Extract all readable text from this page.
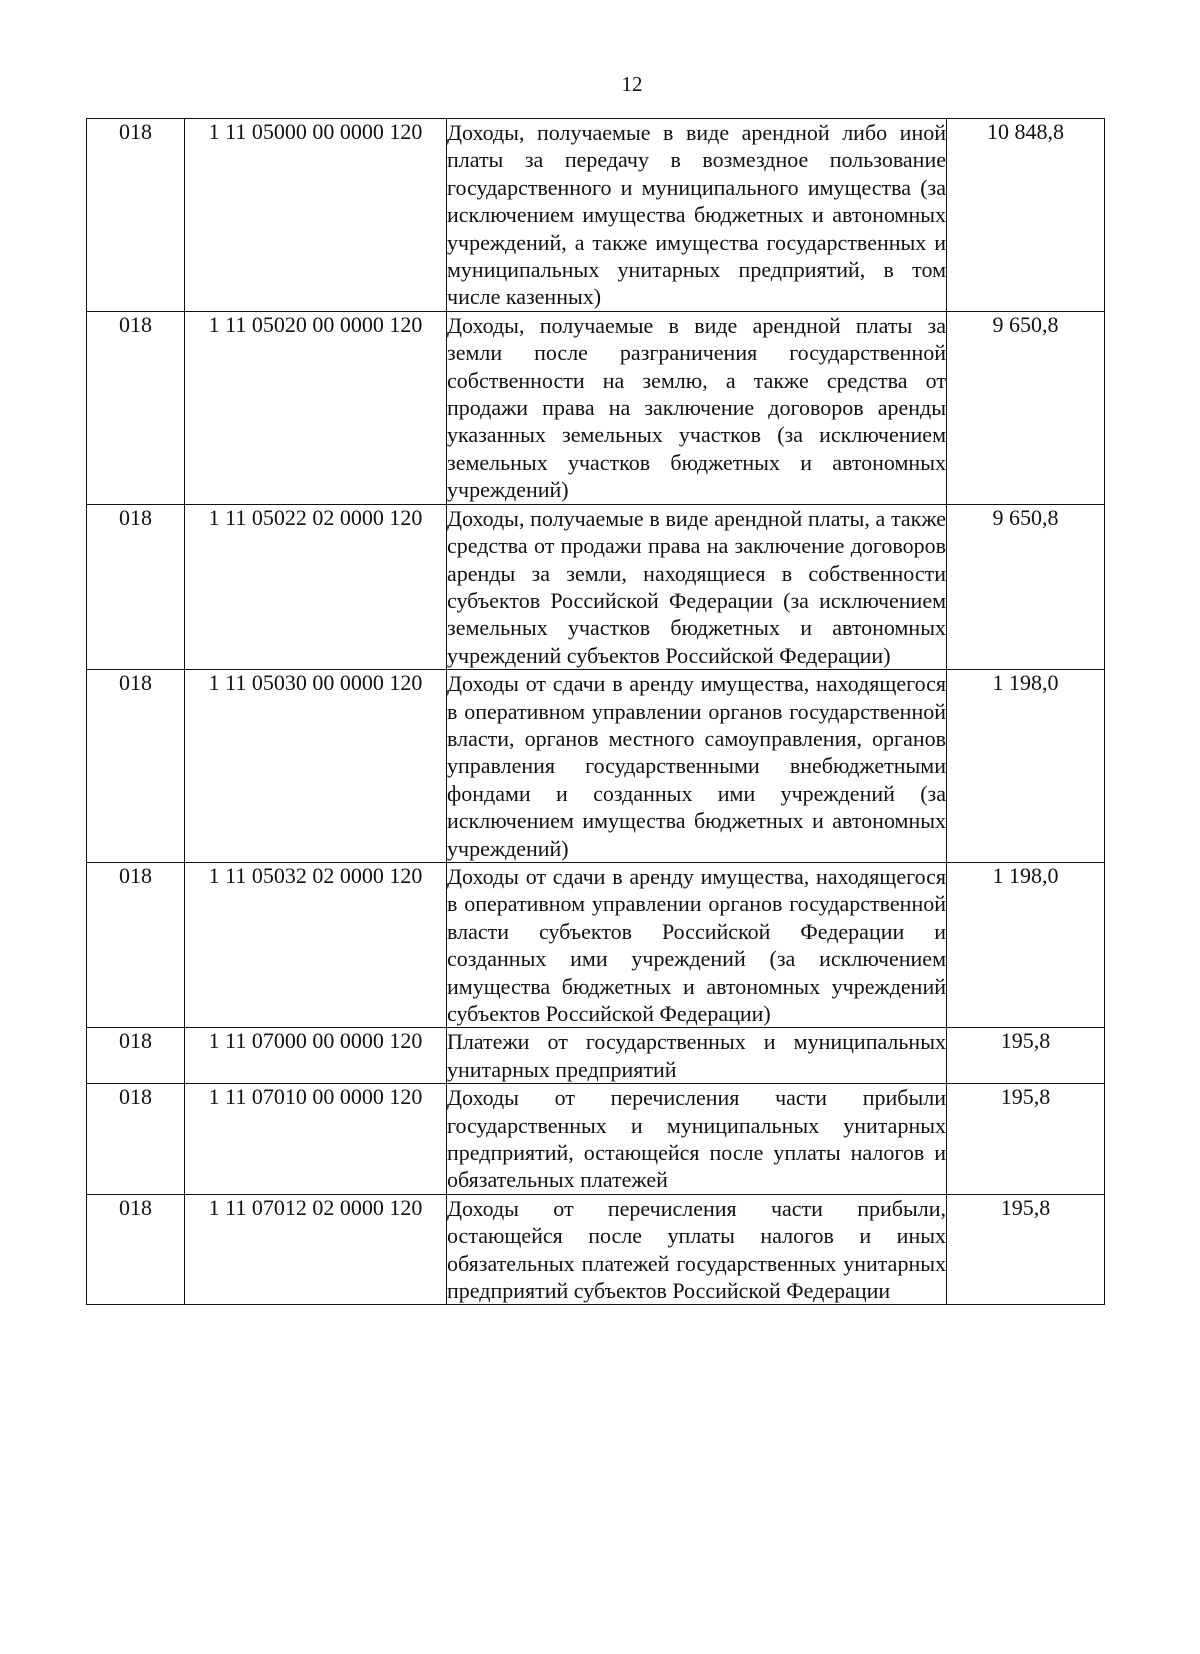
12
018	1 11 05000 00 0000 120	Доходы, получаемые в виде арендной либо иной платы за передачу в возмездное пользование государственного и муниципального имущества (за исключением имущества бюджетных и автономных учреждений, а также имущества государственных и муниципальных унитарных предприятий, в том числе казенных)	10 848,8
018	1 11 05020 00 0000 120	Доходы, получаемые в виде арендной платы за земли после разграничения государственной собственности на землю, а также средства от продажи права на заключение договоров аренды указанных земельных участков (за исключением земельных участков бюджетных и автономных учреждений)	9 650,8
018	1 11 05022 02 0000 120	Доходы, получаемые в виде арендной платы, а также средства от продажи права на заключение договоров аренды за земли, находящиеся в собственности субъектов Российской Федерации (за исключением земельных участков бюджетных и автономных учреждений субъектов Российской Федерации)	9 650,8
018	1 11 05030 00 0000 120	Доходы от сдачи в аренду имущества, находящегося в оперативном управлении органов государственной власти, органов местного самоуправления, органов управления государственными внебюджетными фондами и созданных ими учреждений (за исключением имущества бюджетных и автономных учреждений)	1 198,0
018	1 11 05032 02 0000 120	Доходы от сдачи в аренду имущества, находящегося в оперативном управлении органов государственной власти субъектов Российской Федерации и созданных ими учреждений (за исключением имущества бюджетных и автономных учреждений субъектов Российской Федерации)	1 198,0
018	1 11 07000 00 0000 120	Платежи от государственных и муниципальных унитарных предприятий	195,8
018	1 11 07010 00 0000 120	Доходы от перечисления части прибыли государственных и муниципальных унитарных предприятий, остающейся после уплаты налогов и обязательных платежей	195,8
018	1 11 07012 02 0000 120	Доходы от перечисления части прибыли, остающейся после уплаты налогов и иных обязательных платежей государственных унитарных предприятий субъектов Российской Федерации	195,8
